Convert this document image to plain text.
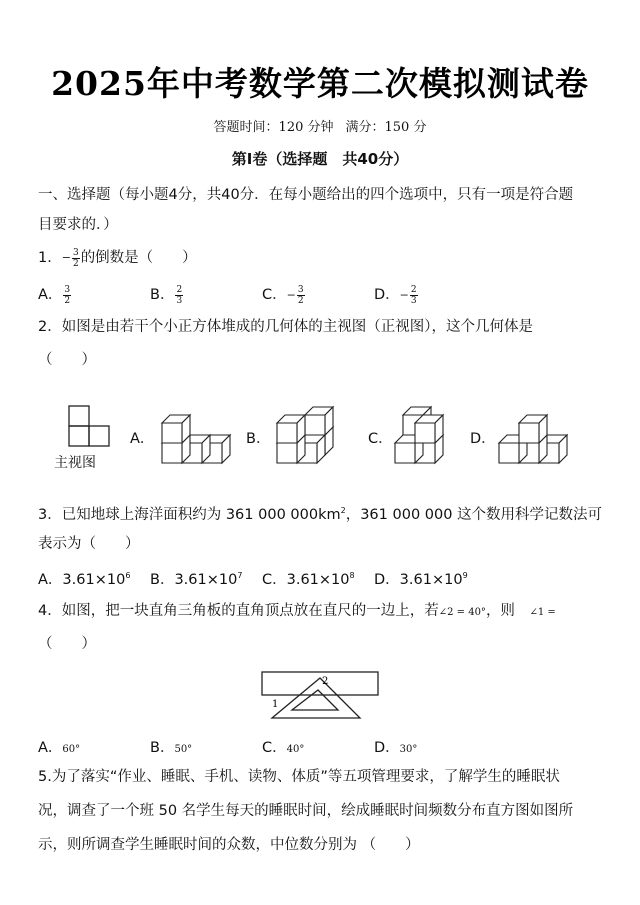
2025年中考数学第二次模拟测试卷
答题时间：120 分钟 满分：150 分
第Ⅰ卷（选择题　共40分）
一、选择题（每小题4分，共40分．在每小题给出的四个选项中，只有一项是符合题
目要求的．）
1．− $\frac{3}{2}$ 的倒数是（　　）
A． $\frac{3}{2}$	B． $\frac{2}{3}$	C．− $\frac{3}{2}$	D．− $\frac{2}{3}$
2．如图是由若干个小正方体堆成的几何体的主视图（正视图），这个几何体是
（　　）
主视图
A．	B．	C．	D．
3．已知地球上海洋面积约为 361 000 $000km^2$，361 000 000 这个数用科学记数法可
表示为（　　）
A．$3.61\times 10^6$ B．$3.61\times 10^7$ C．$3.61\times 10^8$ D．$3.61\times 10^9$
4．如图，把一块直角三角板的直角顶点放在直尺的一边上，若∠2 = 40°，则　 ∠1 =
（　　）
1
2
A．60°	B．50°	C．40°	D．30°
5.为了落实“作业、睡眠、手机、读物、体质”等五项管理要求，了解学生的睡眠状
况，调查了一个班 50 名学生每天的睡眠时间，绘成睡眠时间频数分布直方图如图所
示，则所调查学生睡眠时间的众数，中位数分别为 （　　）
